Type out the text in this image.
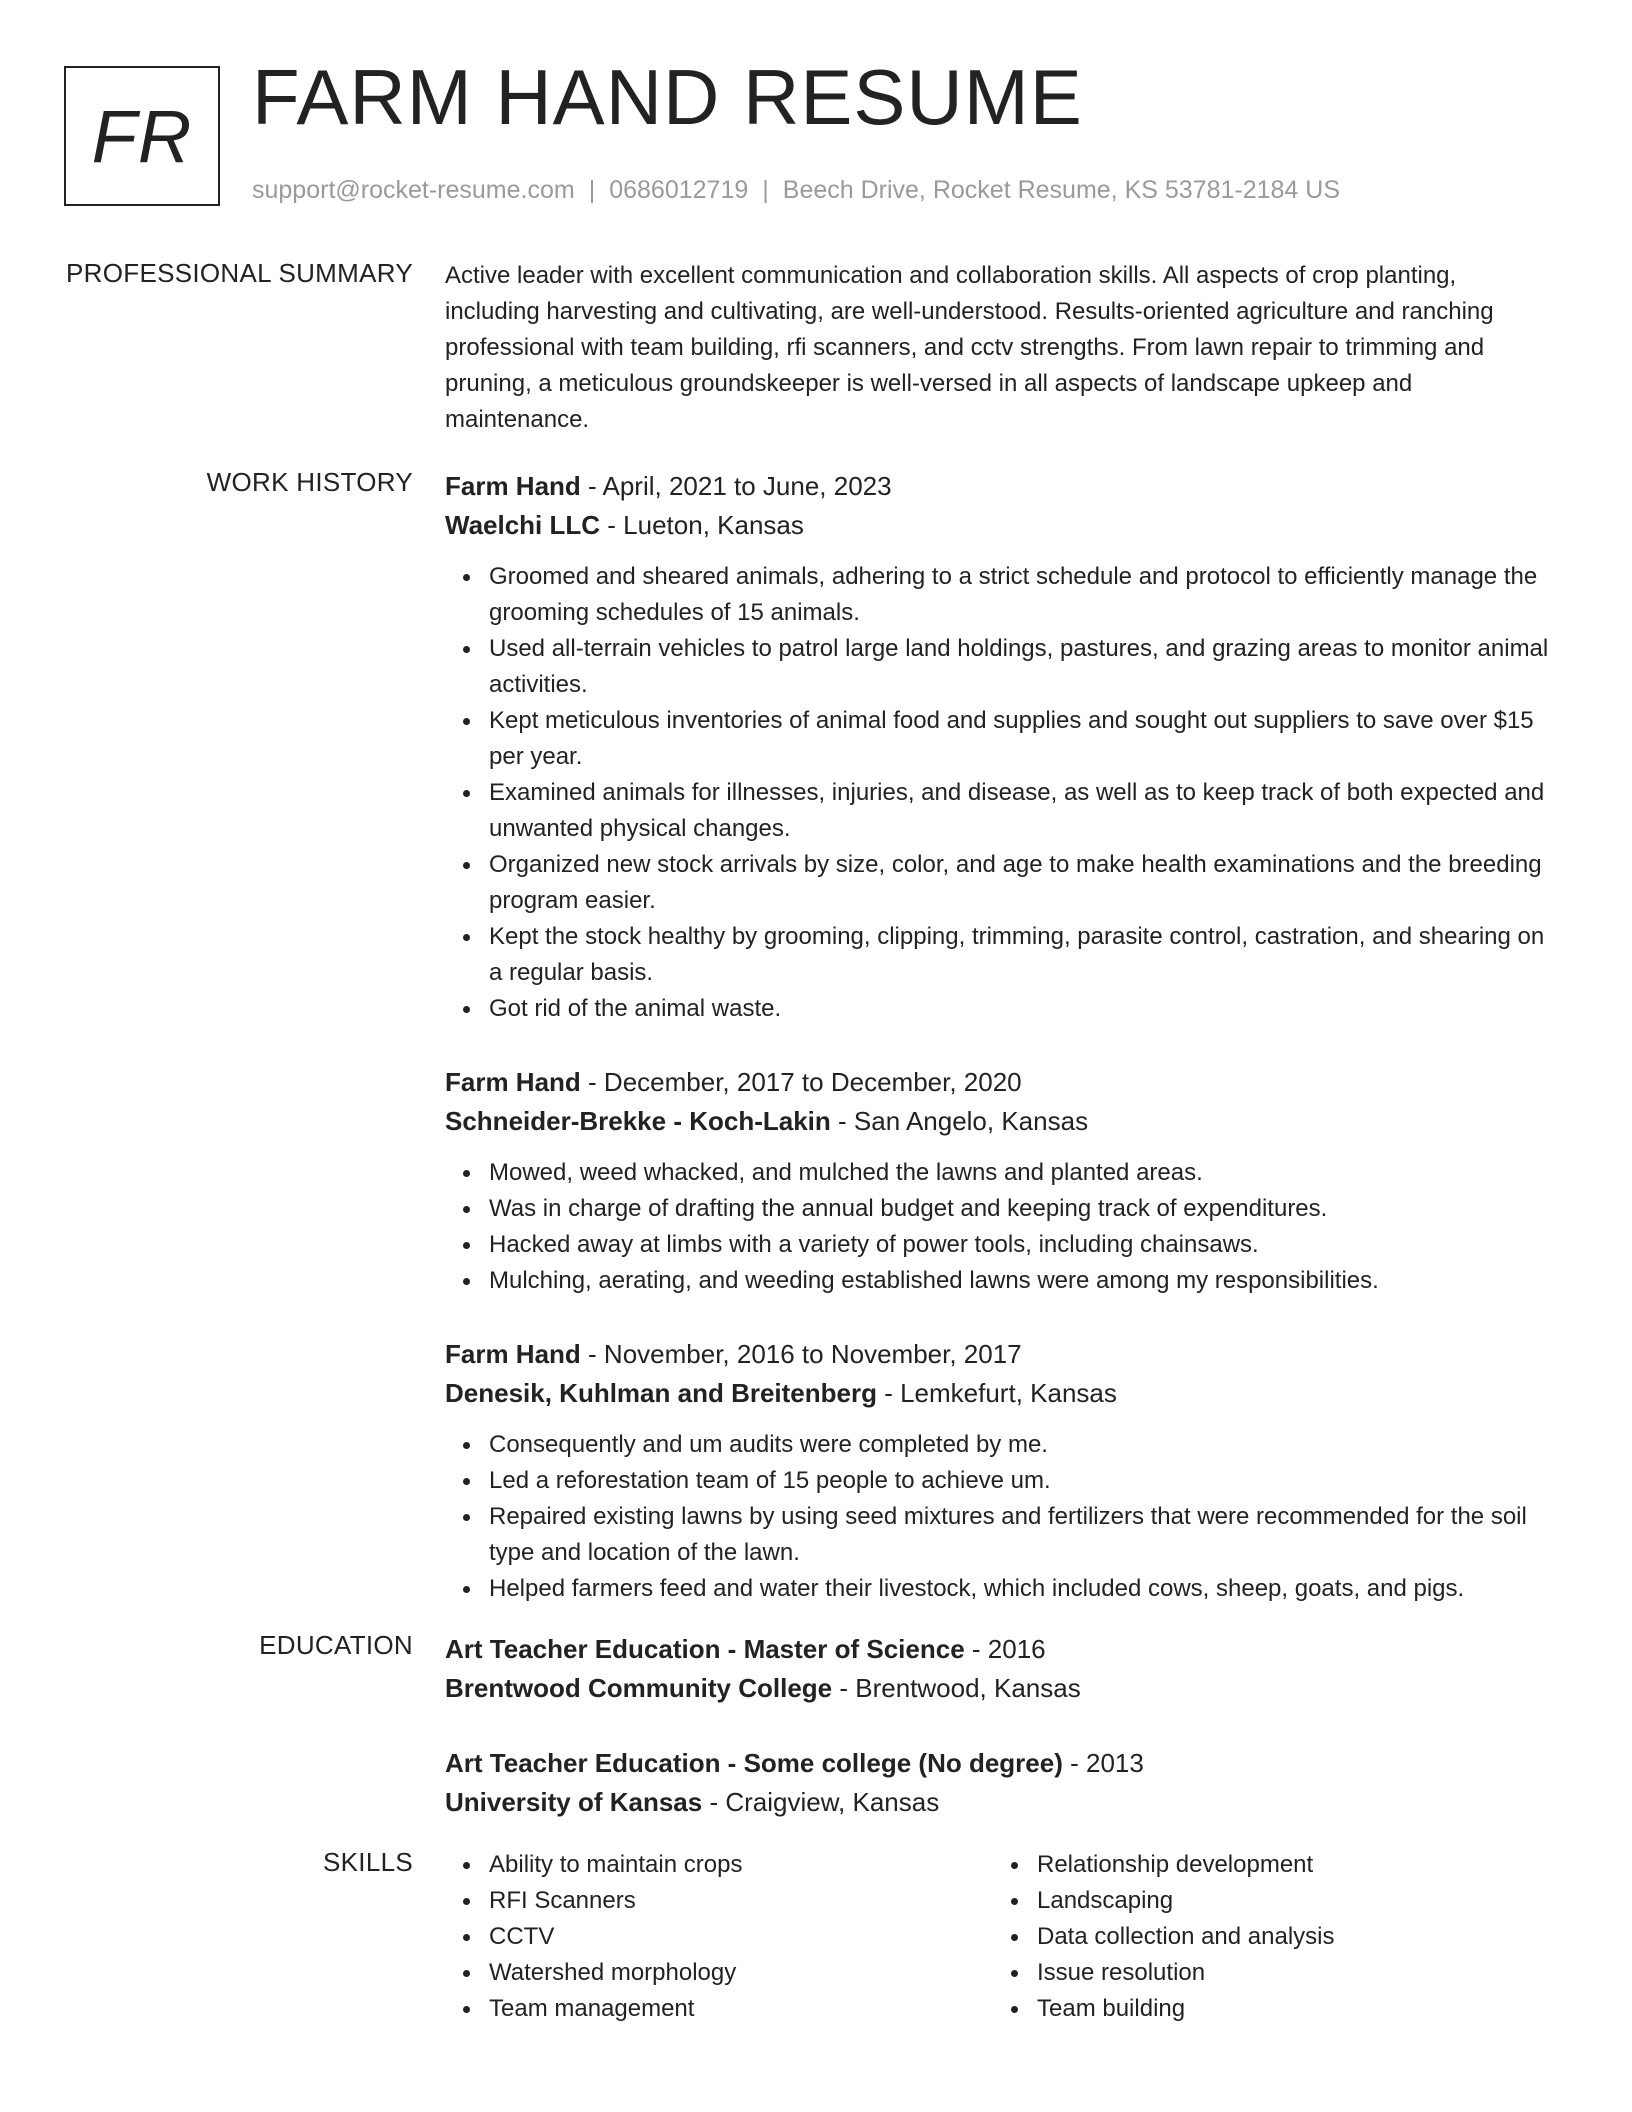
FR FARM HAND RESUME
support@rocket-resume.com | 0686012719 | Beech Drive, Rocket Resume, KS 53781-2184 US
PROFESSIONAL SUMMARY Active leader with excellent communication and collaboration skills. All aspects of crop planting, including harvesting and cultivating, are well-understood. Results-oriented agriculture and ranching professional with team building, rfi scanners, and cctv strengths. From lawn repair to trimming and pruning, a meticulous groundskeeper is well-versed in all aspects of landscape upkeep and maintenance.

WORK HISTORY Farm Hand - April, 2021 to June, 2023

Waelchi LLC - Lueton, Kansas

Groomed and sheared animals, adhering to a strict schedule and protocol to efficiently manage the grooming schedules of 15 animals.
Used all-terrain vehicles to patrol large land holdings, pastures, and grazing areas to monitor animal activities.
Kept meticulous inventories of animal food and supplies and sought out suppliers to save over $15 per year.
Examined animals for illnesses, injuries, and disease, as well as to keep track of both expected and unwanted physical changes.
Organized new stock arrivals by size, color, and age to make health examinations and the breeding program easier.
Kept the stock healthy by grooming, clipping, trimming, parasite control, castration, and shearing on a regular basis.
Got rid of the animal waste.

Farm Hand - December, 2017 to December, 2020

Schneider-Brekke - Koch-Lakin - San Angelo, Kansas

Mowed, weed whacked, and mulched the lawns and planted areas.
Was in charge of drafting the annual budget and keeping track of expenditures.
Hacked away at limbs with a variety of power tools, including chainsaws.
Mulching, aerating, and weeding established lawns were among my responsibilities.

Farm Hand - November, 2016 to November, 2017

Denesik, Kuhlman and Breitenberg - Lemkefurt, Kansas

Consequently and um audits were completed by me.
Led a reforestation team of 15 people to achieve um.
Repaired existing lawns by using seed mixtures and fertilizers that were recommended for the soil type and location of the lawn.
Helped farmers feed and water their livestock, which included cows, sheep, goats, and pigs.
EDUCATION Art Teacher Education - Master of Science - 2016

Brentwood Community College - Brentwood, Kansas

Art Teacher Education - Some college (No degree) - 2013

University of Kansas - Craigview, Kansas

SKILLS	Ability to maintain crops
RFI Scanners
CCTV
Watershed morphology
Team management
Relationship development
Landscaping
Data collection and analysis
Issue resolution
Team building
